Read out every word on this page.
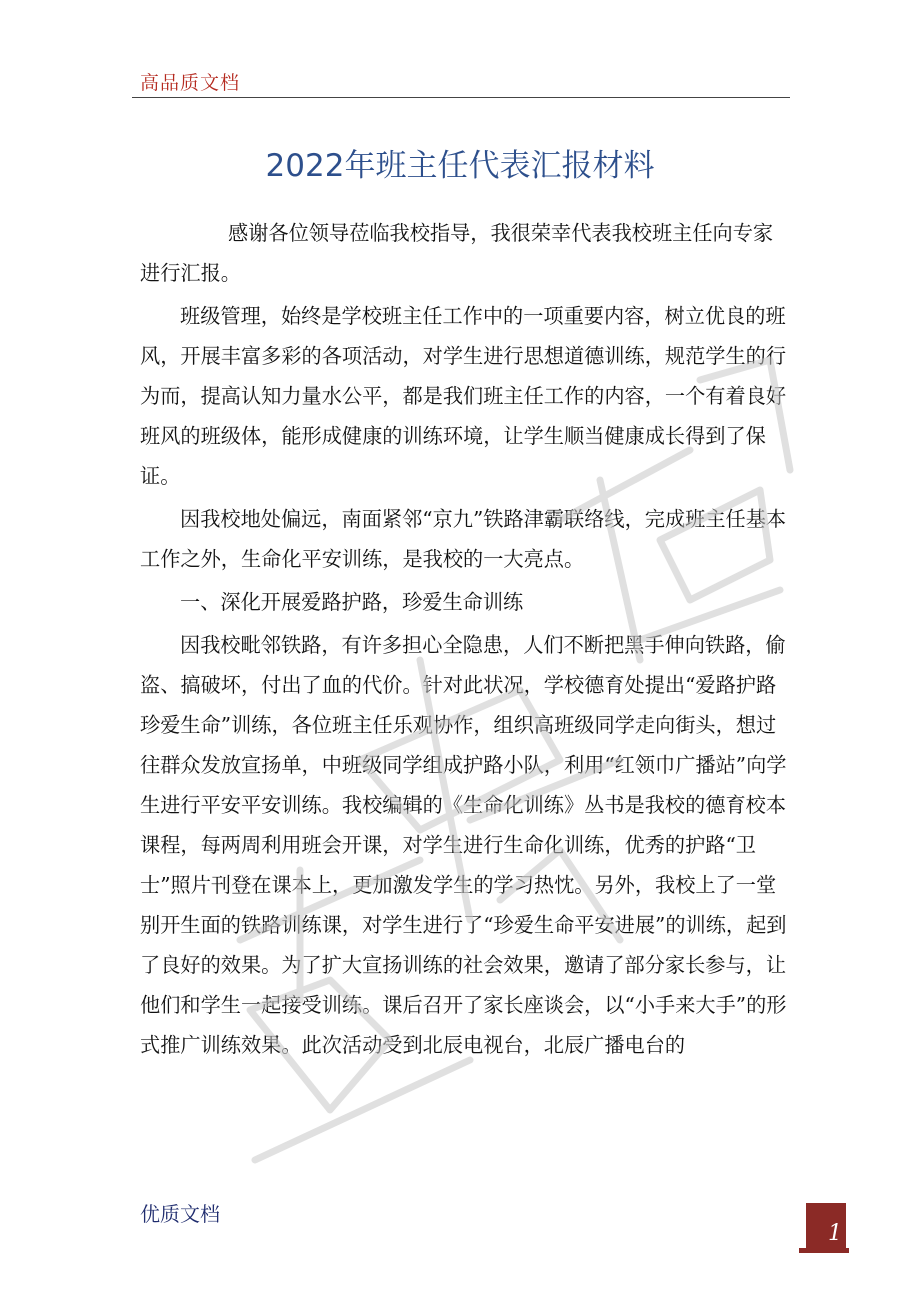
高品质文档
2022年班主任代表汇报材料

感谢各位领导莅临我校指导，我很荣幸代表我校班主任向专家进行汇报。

班级管理，始终是学校班主任工作中的一项重要内容，树立优良的班风，开展丰富多彩的各项活动，对学生进行思想道德训练，规范学生的行为而，提高认知力量水公平，都是我们班主任工作的内容，一个有着良好班风的班级体，能形成健康的训练环境，让学生顺当健康成长得到了保证。

因我校地处偏远，南面紧邻“京九”铁路津霸联络线，完成班主任基本工作之外，生命化平安训练，是我校的一大亮点。

一、深化开展爱路护路，珍爱生命训练

因我校毗邻铁路，有许多担心全隐患，人们不断把黑手伸向铁路，偷盗、搞破坏，付出了血的代价。针对此状况，学校德育处提出“爱路护路珍爱生命”训练，各位班主任乐观协作，组织高班级同学走向街头，想过往群众发放宣扬单，中班级同学组成护路小队，利用“红领巾广播站”向学生进行平安平安训练。我校编辑的《生命化训练》丛书是我校的德育校本课程，每两周利用班会开课，对学生进行生命化训练，优秀的护路“卫士”照片刊登在课本上，更加激发学生的学习热忱。另外，我校上了一堂别开生面的铁路训练课，对学生进行了“珍爱生命平安进展”的训练，起到了良好的效果。为了扩大宣扬训练的社会效果，邀请了部分家长参与，让他们和学生一起接受训练。课后召开了家长座谈会，以“小手来大手”的形式推广训练效果。此次活动受到北辰电视台，北辰广播电台的

优质文档
1
